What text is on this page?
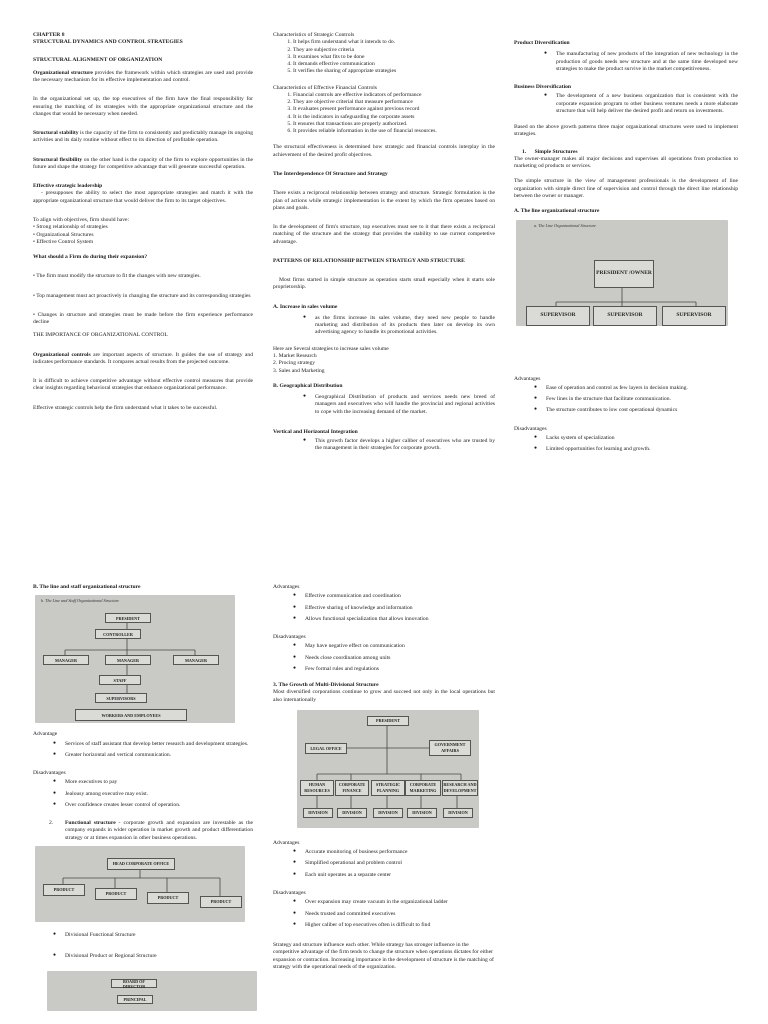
CHAPTER 8
STRUCTURAL DYNAMICS AND CONTROL STRATEGIES

STRUCTURAL ALIGNMENT OF ORGANIZATION

Organizational structure provides the framework within which strategies are used and provide the necessary mechanism for its effective implementation and control.

In the organizational set up, the top executives of the firm have the final responsibility for ensuring the matching of its strategies with the appropriate organizational structure and the changes that would be necessary when needed.

Structural stability is the capacity of the firm to consistently and predictably manage its ongoing activities and its daily routine without effect to its direction of profitable operation.

Structural flexibility on the other hand is the capacity of the firm to explore opportunities in the future and shape the strategy for competitive advantage that will generate successful operation.

Effective strategic leadership

- presupposes the ability to select the most appropriate strategies and match it with the appropriate organizational structure that would deliver the firm to its target objectives.

To align with objectives, firm should have:
• Strong relationship of strategies
• Organizational Structures
• Effective Control System

What should a Firm do during their expansion?

• The firm must modify the structure to fit the changes with new strategies.

• Top management must act proactively in changing the structure and its corresponding strategies

• Changes in structure and strategies must be made before the firm experience performance decline

THE IMPORTANCE OF ORGANIZATIONAL CONTROL

Organizational controls are important aspects of structure. It guides the use of strategy and indicates performance standards. It compares actual results from the projected outcome.

It is difficult to achieve competitive advantage without effective control measures that provide clear insights regarding behavioral strategies that enhance organizational performance.

Effective strategic controls help the firm understand what it takes to be successful.

Characteristics of Strategic Controls
1. It helps firm understand what it intends to do.
2. They are subjective criteria
3. It examines what fits to be done
4. It demands effective communication
5. It verifies the sharing of appropriate strategies
Characteristics of Effective Financial Controls
1. Financial controls are effective indicators of performance
2. They are objective criterial that measure performance
3. It evaluates present performance against previous record
4. It is the indicators in safeguarding the corporate assets
5. It ensures that transactions are properly authorized.
6. It provides reliable information in the use of financial resources.

The structural effectiveness is determined how strategic and financial controls interplay in the achievement of the desired profit objectives.

The Interdependence Of Structure and Strategy

There exists a reciprocal relationship between strategy and structure. Strategic formulation is the plan of actions while strategic implementation is the extent by which the firm operates based on plans and goals.

In the development of firm's structure, top executives must see to it that there exists a reciprocal matching of the structure and the strategy that provides the stability to use current competetive advantage.

PATTERNS OF RELATIONSHIP BETWEEN STRATEGY AND STRUCTURE

Most firms started in simple structure as operation starts small especially when it starts sole proprietorship.

A. Increase in sales volume
● as the firms increase its sales volume, they need new people to handle marketing and distribution of its products then later on develop its own advertising agency to handle its promotional activities.
Here are Several strategies to increase sales volume
1. Market Research
2. Procing strategy
3. Sales and Marketing
B. Geographical Distribution
● Geographical Distribution of products and services needs new breed of managers and executives who will handle the provincial and regional activities to cope with the increasing demand of the market.
Vertical and Horizontal Integration
● This growth factor develops a higher caliber of executives who are trusted by the management in their strategies for corporate growth.
Product Diversification
● The manufacturing of new products of the integration of new technology in the production of goods needs new structure and at the same time developed new strategies to make the product survive in the market competitiveness.
Business Diversification
● The development of a new business organization that is consistent with the corporate expansion program to other business ventures needs a more elaborate structure that will help deliver the desired profit and return on investments.

Based on the above growth patterns three major organizational structures were used to implement strategies.

1.      Simple Structures

The owner-manager makes all major decisions and supervises all operations from production to marketing od products or services.

The simple structure in the view of management professionals is the development of line organization with simple direct line of supervision and control through the direct line relationship between the owner or manager.

A. The line organizational structure
a. The Line Organizational Structure
PRESIDENT /OWNER
SUPERVISOR	SUPERVISOR	SUPERVISOR
Advantages
● Ease of operation and control as few layers in decision making.
● Few lines in the structure that facilitate communication.
● The structure contributes to low cost operational dynamics
Disadvantages
● Lacks system of specialization
● Limited opportunities for learning and growth.
B. The line and staff organizational structure
b. The Line and Staff Organizational Structure
PRESIDENT
CONTROLLER
MANAGER	MANAGER	MANAGER
STAFF
SUPERVISORS
WORKERS AND EMPLOYEES
Advantage
● Services of staff assistant that develop better research and development strategies.
● Greater horizontal and vertical communication.
Disadvantages
● More executives to pay
● Jealousy among executive may exist.
● Over confidence creates lesser control of operation.
2.	Functional structure - corporate growth and expansion are investable as the company expands in wider operation in market growth and product differentiation strategy or at times expansion in other business operations.
HEAD CORPORATE OFFICE
PRODUCT
PRODUCT
PRODUCT
PRODUCT
● Divisional Functional Structure
● Divisional Product or Regional Structure
BOARD OF DIRECTOR
PRINCIPAL
Advantages
● Effective communication and coordination
● Effective sharing of knowledge and information
● Allows functional specialization that allows innovation
Disadvantages
● May have negative effect on communication
● Needs close coordination among units
● Few formal rules and regulations
3. The Growth of Multi-Divisional Structure

Most diversified corporations continue to grow and succeed not only in the local operations but also internationally

PRESIDENT
LEGAL OFFICE
GOVERNMENT AFFAIRS
HUMAN RESOURCES
CORPORATE FINANCE
STRATEGIC PLANNING
CORPORATE MARKETING
RESEARCH AND DEVELOPMENT
DIVISION	DIVISION	DIVISION	DIVISION	DIVISION
Advantages
● Accurate monitoring of business performance
● Simplified operational and problem control
● Each unit operates as a separate center
Disadvantages
● Over expansion may create vacuum in the organizational ladder
● Needs trusted and committed executives
● Higher caliber of top executives often is difficult to find

Strategy and structure influence each other. While strategy has stronger influence in the competitive advantage of the firm tends to change the structure when operations dictates for either expansion or contraction. Increasing importance in the development of structure is the matching of strategy with the operational needs of the organization.
